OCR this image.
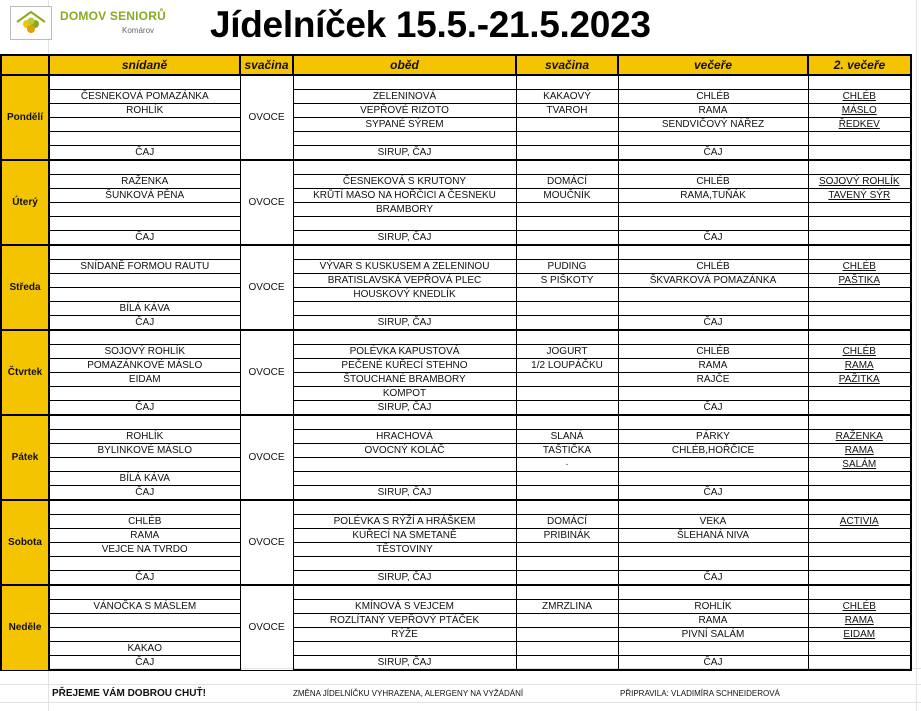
DOMOV SENIORŮ
Komárov Jídelníček 15.5.-21.5.2023
	snídaně	svačina	oběd	svačina	večeře	2. večeře
Pondělí		OVOCE				
	ČESNEKOVÁ POMAZÁNKA		ZELENINOVÁ	KAKAOVÝ	CHLÉB	CHLÉB
	ROHLÍK		VEPŘOVÉ RIZOTO	TVAROH	RAMA	MÁSLO
			SYPANÉ SÝREM		SENDVIČOVÝ NÁŘEZ	ŘEDKEV

	ČAJ		SIRUP, ČAJ		ČAJ	
Úterý		OVOCE				
	RAŽENKA		ČESNEKOVÁ S KRUTONY	DOMÁCÍ	CHLÉB	SOJOVÝ ROHLÍK
	ŠUNKOVÁ PĚNA		KRŮTÍ MASO NA HOŘČICI A ČESNEKU	MOUČNÍK	RAMA,TUŇÁK	TAVENÝ SÝR
			BRAMBORY			

	ČAJ		SIRUP, ČAJ		ČAJ	
Středa		OVOCE				
	SNÍDANĚ FORMOU RAUTU		VÝVAR S KUSKUSEM A ZELENINOU	PUDING	CHLÉB	CHLÉB
			BRATISLAVSKÁ VEPŘOVÁ PLEC	S PIŠKOTY	ŠKVARKOVÁ POMAZÁNKA	PAŠTIKA
			HOUSKOVÝ KNEDLÍK			
	BÍLÁ KÁVA					
	ČAJ		SIRUP, ČAJ		ČAJ	
Čtvrtek		OVOCE				
	SOJOVÝ ROHLÍK		POLÉVKA KAPUSTOVÁ	JOGURT	CHLÉB	CHLÉB
	POMAZÁNKOVÉ MÁSLO		PEČENÉ KUŘECÍ STEHNO	1/2 LOUPÁČKU	RAMA	RAMA
	EIDAM		ŠTOUCHANÉ BRAMBORY		RAJČE	PAŽITKA
			KOMPOT			
	ČAJ		SIRUP, ČAJ		ČAJ	
Pátek		OVOCE				
	ROHLÍK		HRACHOVÁ	SLANÁ	PÁRKY	RAŽENKA
	BYLINKOVÉ MÁSLO		OVOCNÝ KOLÁČ	TAŠTIČKA	CHLÉB,HOŘČICE	RAMA
				·		SALÁM
	BÍLÁ KÁVA					
	ČAJ		SIRUP, ČAJ		ČAJ	
Sobota		OVOCE				
	CHLÉB		POLÉVKA S RÝŽÍ A HRÁŠKEM	DOMÁCÍ	VEKA	ACTIVIA
	RAMA		KUŘECÍ NA SMETANĚ	PRIBINÁK	ŠLEHANÁ NIVA	
	VEJCE NA TVRDO		TĚSTOVINY			

	ČAJ		SIRUP, ČAJ		ČAJ	
Neděle		OVOCE				
	VÁNOČKA S MÁSLEM		KMÍNOVÁ S VEJCEM	ZMRZLINA	ROHLÍK	CHLÉB
			ROZLÍTANÝ VEPŘOVÝ PTÁČEK		RAMA	RAMA
			RÝŽE		PIVNÍ SALÁM	EIDAM
	KAKAO					
	ČAJ		SIRUP, ČAJ		ČAJ	
PŘEJEME VÁM DOBROU CHUŤ!	ZMĚNA JÍDELNÍČKU VYHRAZENA, ALERGENY NA VYŽÁDÁNÍ	PŘIPRAVILA: VLADIMÍRA SCHNEIDEROVÁ
